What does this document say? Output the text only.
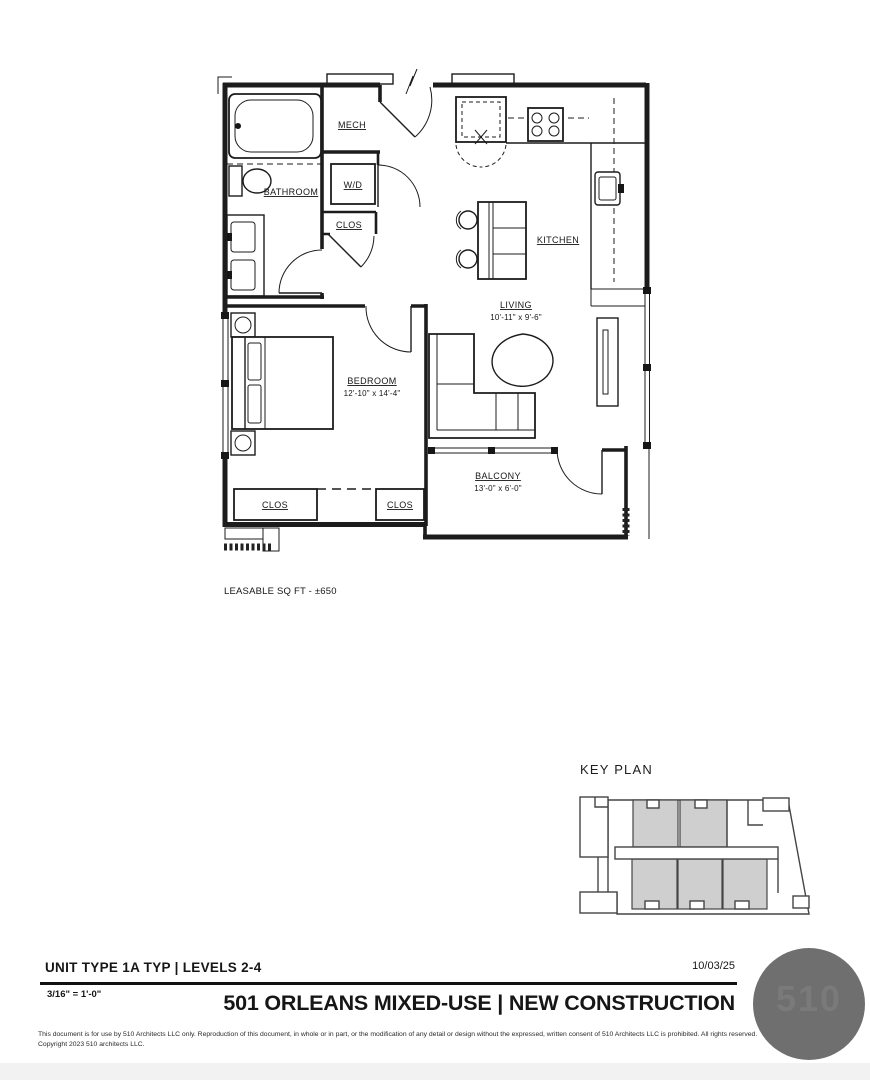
MECH
W/D
CLOS
BATHROOM
KITCHEN
LIVING
10'-11" x 9'-6"
BEDROOM
12'-10" x 14'-4"
BALCONY
13'-0" x 6'-0"
CLOS	CLOS
LEASABLE SQ FT - ±650
KEY PLAN
UNIT TYPE 1A TYP | LEVELS 2-4	10/03/25
3/16" = 1'-0"	501 ORLEANS MIXED-USE | NEW CONSTRUCTION
This document is for use by 510 Architects LLC only. Reproduction of this document, in whole or in part, or the modification of any detail or design without the expressed, written consent of 510 Architects LLC is prohibited. All rights reserved.
Copyright 2023 510 architects LLC.
510
